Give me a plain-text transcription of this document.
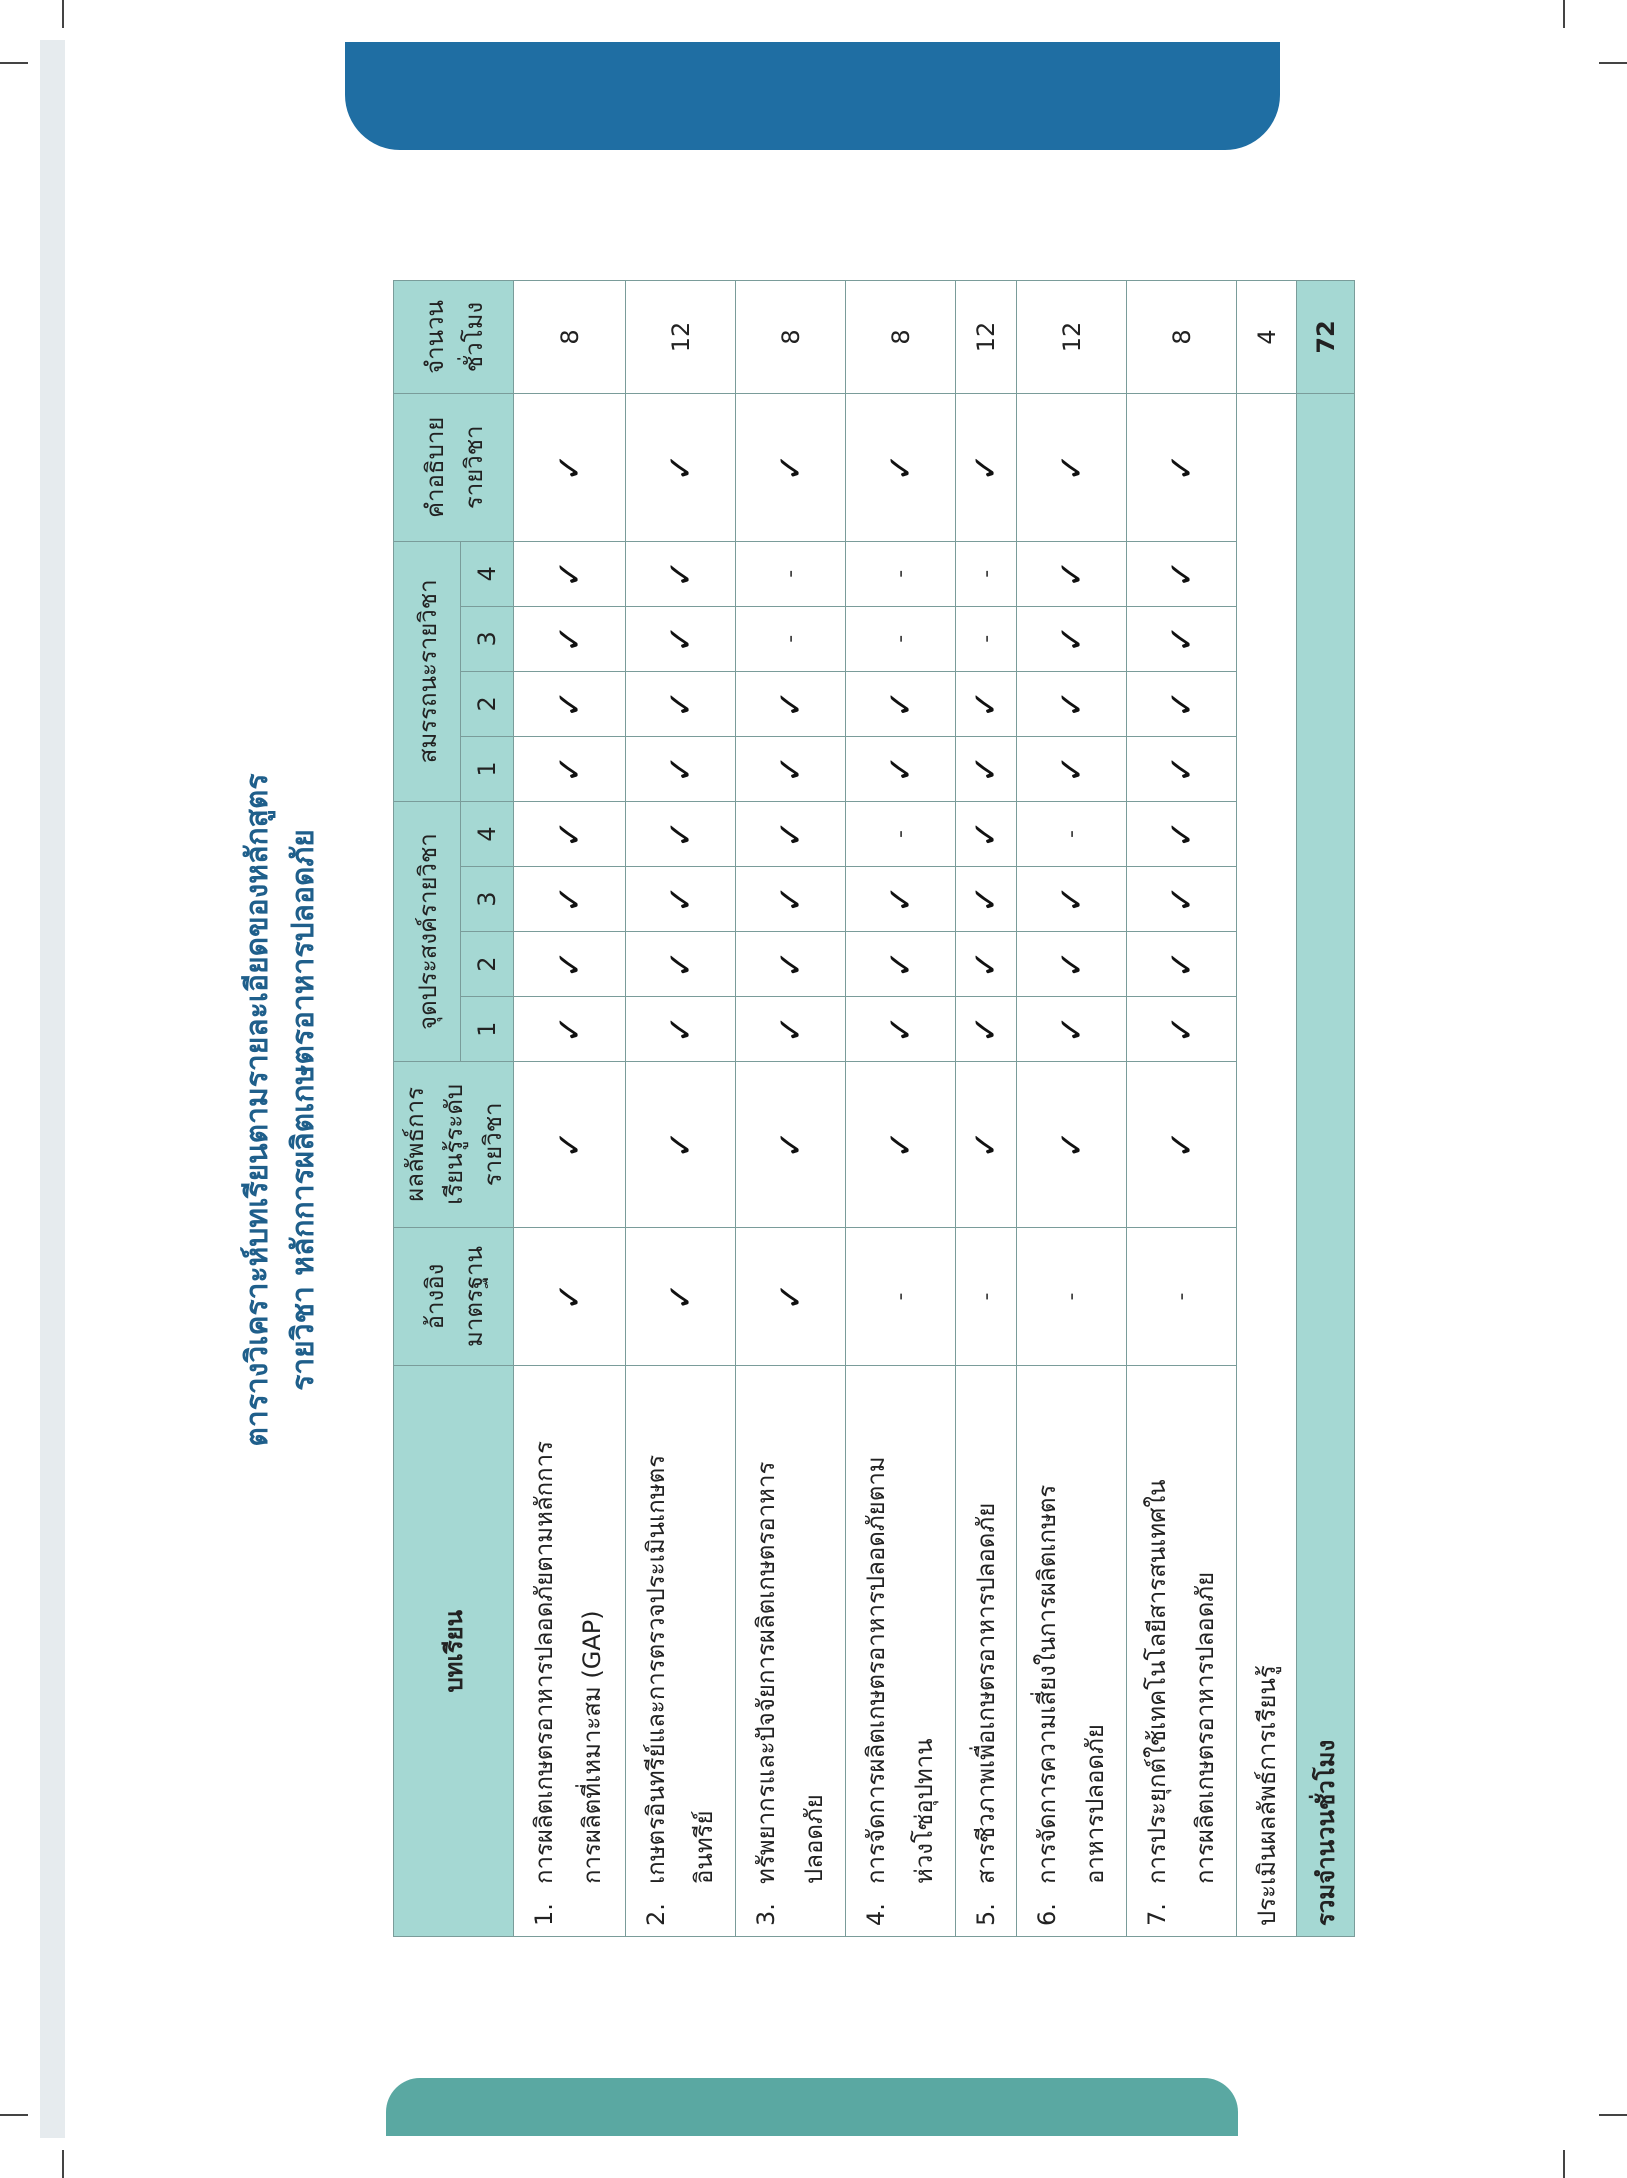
ตารางวิเคราะห์บทเรียนตามรายละเอียดของหลักสูตร รายวิชา หลักการผลิตเกษตรอาหารปลอดภัย
บทเรียน	อ้างอิง มาตรฐาน	ผลลัพธ์การ เรียนรู้ระดับ รายวิชา	จุดประสงค์รายวิชา				สมรรถนะรายวิชา				คำอธิบาย รายวิชา	จำนวน ชั่วโมง
			1	2	3	4	1	2	3	4		
1.การผลิตเกษตรอาหารปลอดภัยตามหลักการ การผลิตที่เหมาะสม (GAP)	✓	✓	✓	✓	✓	✓	✓	✓	✓	✓	✓	8
2.เกษตรอินทรีย์และการตรวจประเมินเกษตร อินทรีย์	✓	✓	✓	✓	✓	✓	✓	✓	✓	✓	✓	12
3.ทรัพยากรและปัจจัยการผลิตเกษตรอาหาร ปลอดภัย	✓	✓	✓	✓	✓	✓	✓	✓	-	-	✓	8
4.การจัดการผลิตเกษตรอาหารปลอดภัยตาม ห่วงโซ่อุปทาน	-	✓	✓	✓	✓	-	✓	✓	-	-	✓	8
5.สารชีวภาพเพื่อเกษตรอาหารปลอดภัย	-	✓	✓	✓	✓	✓	✓	✓	-	-	✓	12
6.การจัดการความเสี่ยงในการผลิตเกษตร อาหารปลอดภัย	-	✓	✓	✓	✓	-	✓	✓	✓	✓	✓	12
7.การประยุกต์ใช้เทคโนโลยีสารสนเทศใน การผลิตเกษตรอาหารปลอดภัย	-	✓	✓	✓	✓	✓	✓	✓	✓	✓	✓	8
ประเมินผลลัพธ์การเรียนรู้												4
รวมจำนวนชั่วโมง												72
